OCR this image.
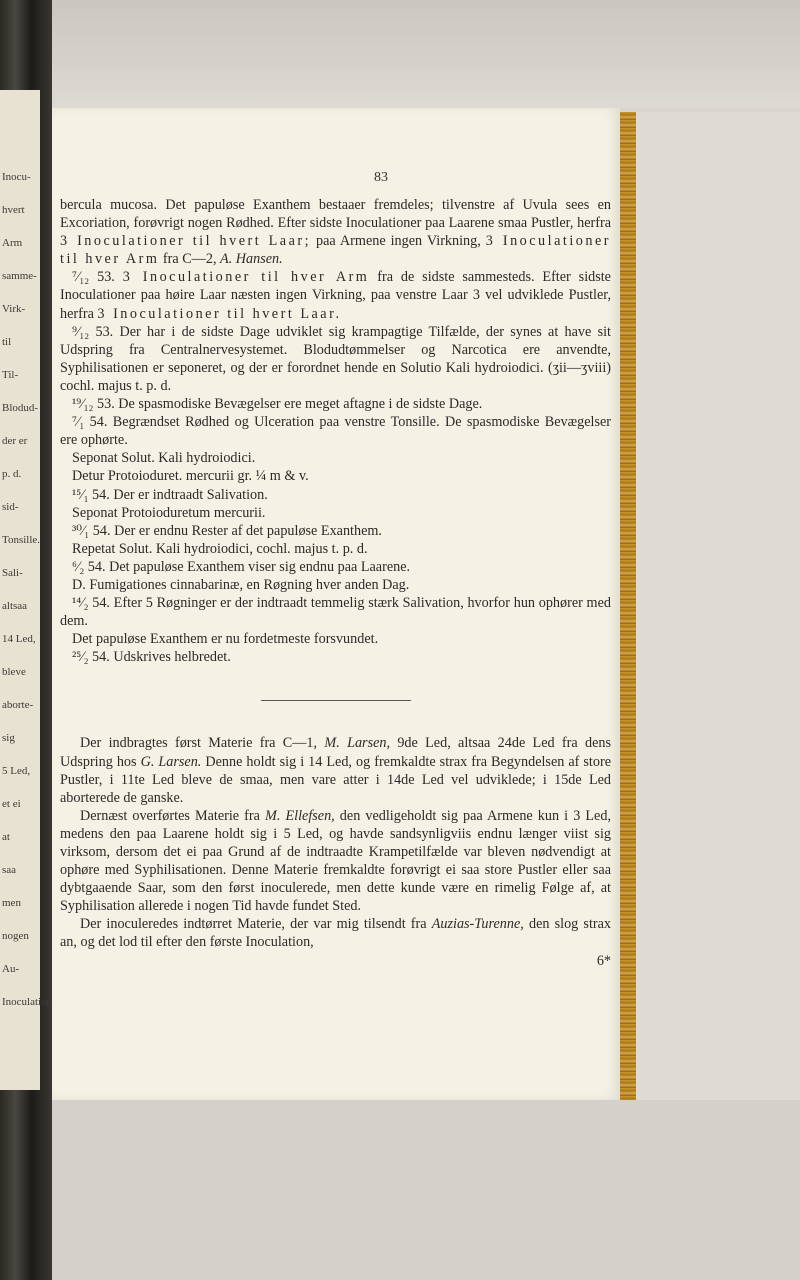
Inocu-
hvert
Arm
samme-
Virk-
til
Til-
Blodud-
der er
p. d.
sid-
Tonsille.
Sali-
altsaa
14 Led,
bleve
aborte-
sig
5 Led,
et ei
at
saa
men
nogen
Au-
Inoculation
83

bercula mucosa. Det papuløse Exanthem bestaaer fremdeles; tilvenstre af Uvula sees en Excoriation, forøvrigt nogen Rødhed. Efter sidste Inoculationer paa Laarene smaa Pustler, herfra 3 Inoculationer til hvert Laar; paa Armene ingen Virkning, 3 Inoculationer til hver Arm fra C—2, A. Hansen.

⁷⁄₁₂ 53. 3 Inoculationer til hver Arm fra de sidste sammesteds. Efter sidste Inoculationer paa høire Laar næsten ingen Virkning, paa venstre Laar 3 vel udviklede Pustler, herfra 3 Inoculationer til hvert Laar.

⁹⁄₁₂ 53. Der har i de sidste Dage udviklet sig krampagtige Tilfælde, der synes at have sit Udspring fra Centralnervesystemet. Blodudtømmelser og Narcotica ere anvendte, Syphilisationen er seponeret, og der er forordnet hende en Solutio Kali hydroiodici. (ʒii—ʒviii) cochl. majus t. p. d.

¹⁹⁄₁₂ 53. De spasmodiske Bevægelser ere meget aftagne i de sidste Dage.

⁷⁄₁ 54. Begrændset Rødhed og Ulceration paa venstre Tonsille. De spasmodiske Bevægelser ere ophørte.

Seponat Solut. Kali hydroiodici.

Detur Protoioduret. mercurii gr. ¼ m & v.

¹⁵⁄₁ 54. Der er indtraadt Salivation.

Seponat Protoioduretum mercurii.

³⁰⁄₁ 54. Der er endnu Rester af det papuløse Exanthem.

Repetat Solut. Kali hydroiodici, cochl. majus t. p. d.

⁶⁄₂ 54. Det papuløse Exanthem viser sig endnu paa Laarene.

D. Fumigationes cinnabarinæ, en Røgning hver anden Dag.

¹⁴⁄₂ 54. Efter 5 Røgninger er der indtraadt temmelig stærk Salivation, hvorfor hun ophører med dem.

Det papuløse Exanthem er nu fordetmeste forsvundet.

²⁵⁄₂ 54. Udskrives helbredet.

Der indbragtes først Materie fra C—1, M. Larsen, 9de Led, altsaa 24de Led fra dens Udspring hos G. Larsen. Denne holdt sig i 14 Led, og fremkaldte strax fra Begyndelsen af store Pustler, i 11te Led bleve de smaa, men vare atter i 14de Led vel udviklede; i 15de Led aborterede de ganske.

Dernæst overførtes Materie fra M. Ellefsen, den vedligeholdt sig paa Armene kun i 3 Led, medens den paa Laarene holdt sig i 5 Led, og havde sandsynligviis endnu længer viist sig virksom, dersom det ei paa Grund af de indtraadte Krampetilfælde var bleven nødvendigt at ophøre med Syphilisationen. Denne Materie fremkaldte forøvrigt ei saa store Pustler eller saa dybtgaaende Saar, som den først inoculerede, men dette kunde være en rimelig Følge af, at Syphilisation allerede i nogen Tid havde fundet Sted.

Der inoculeredes indtørret Materie, der var mig tilsendt fra Auzias-Turenne, den slog strax an, og det lod til efter den første Inoculation,

6*
